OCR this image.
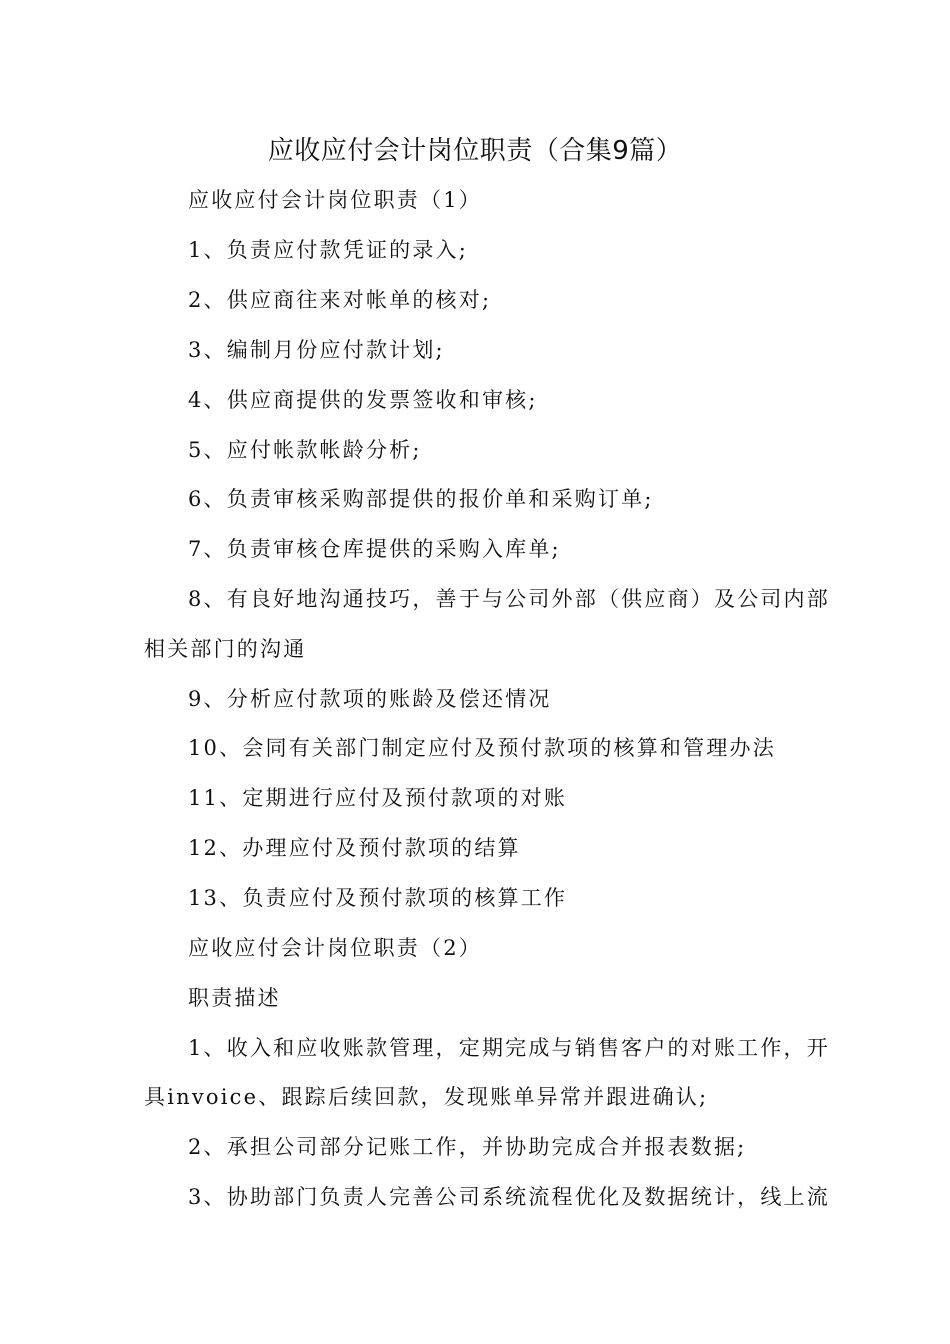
应收应付会计岗位职责（合集9篇）
应收应付会计岗位职责（1）
1、负责应付款凭证的录入;
2、供应商往来对帐单的核对;
3、编制月份应付款计划;
4、供应商提供的发票签收和审核;
5、应付帐款帐龄分析;
6、负责审核采购部提供的报价单和采购订单;
7、负责审核仓库提供的采购入库单;
8、有良好地沟通技巧，善于与公司外部（供应商）及公司内部
相关部门的沟通
9、分析应付款项的账龄及偿还情况
10、会同有关部门制定应付及预付款项的核算和管理办法
11、定期进行应付及预付款项的对账
12、办理应付及预付款项的结算
13、负责应付及预付款项的核算工作
应收应付会计岗位职责（2）
职责描述
1、收入和应收账款管理，定期完成与销售客户的对账工作，开
具invoice、跟踪后续回款，发现账单异常并跟进确认;
2、承担公司部分记账工作，并协助完成合并报表数据;
3、协助部门负责人完善公司系统流程优化及数据统计，线上流
